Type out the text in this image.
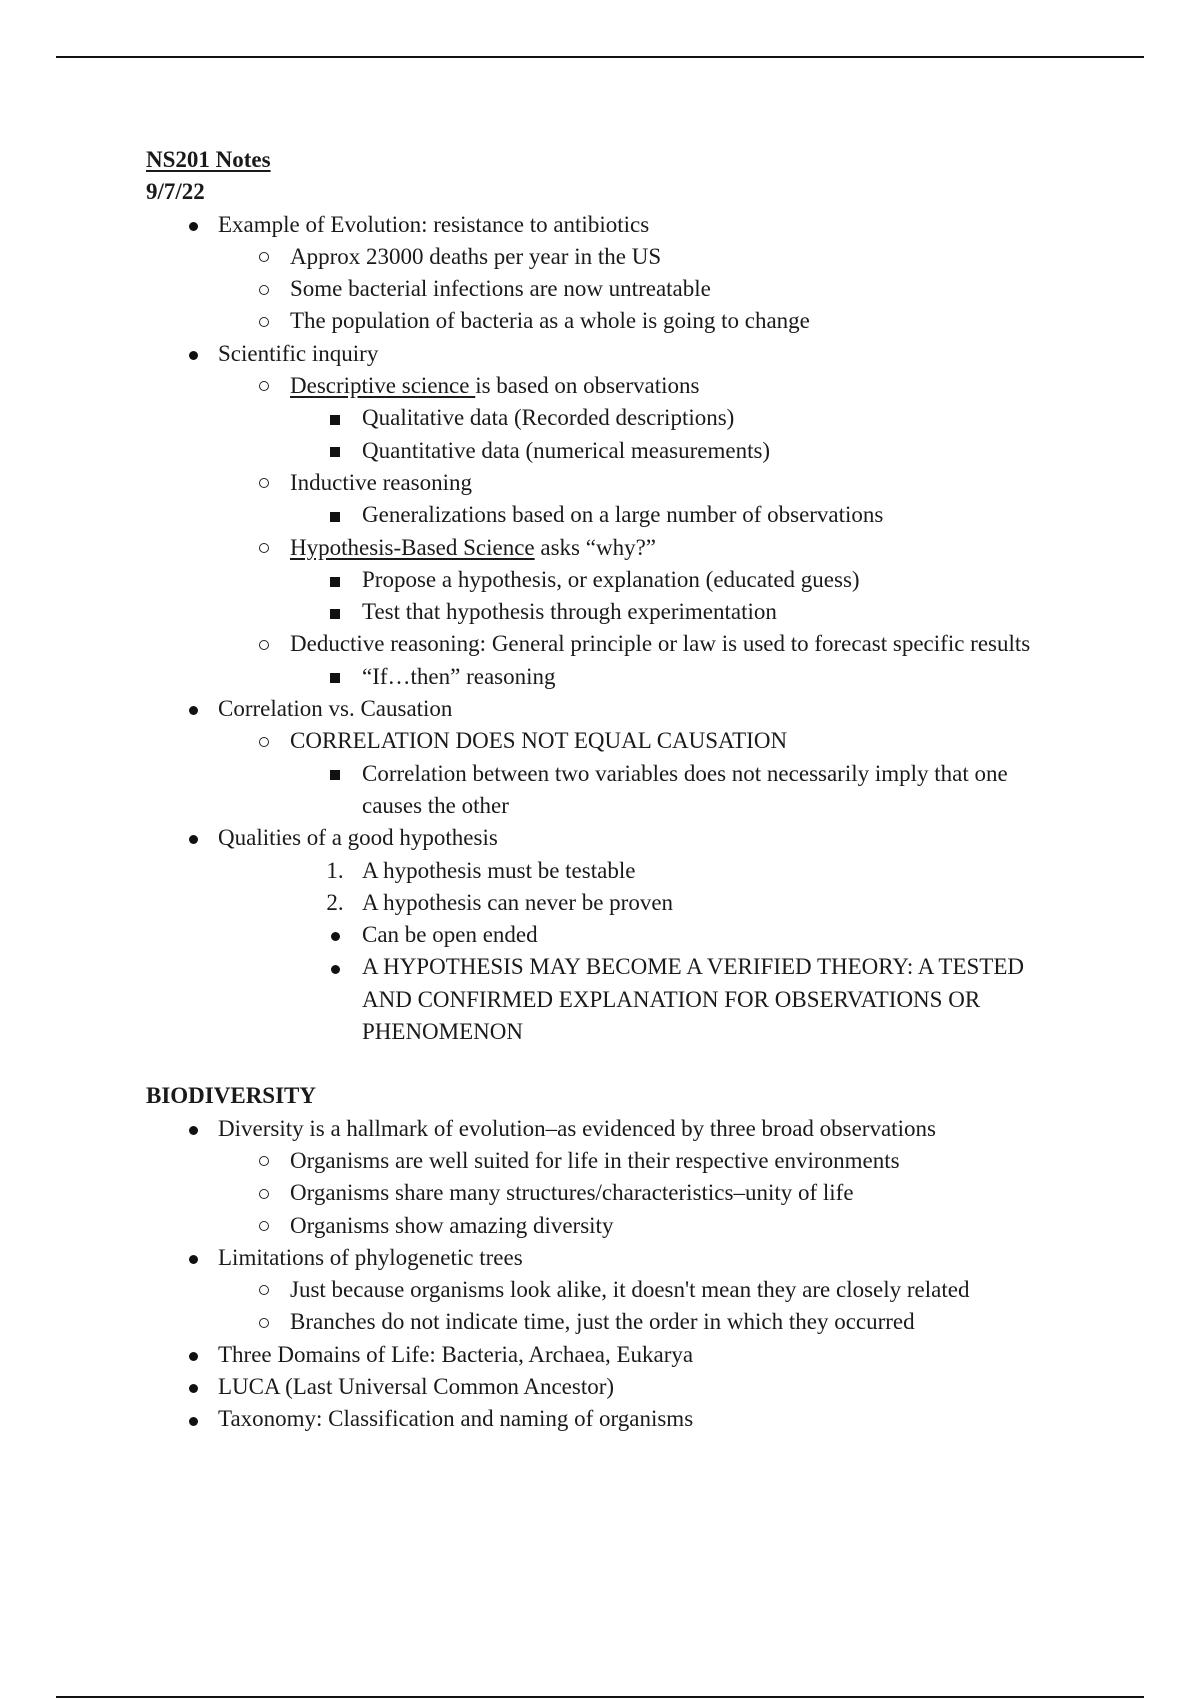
NS201 Notes
9/7/22
Example of Evolution: resistance to antibiotics
Approx 23000 deaths per year in the US
Some bacterial infections are now untreatable
The population of bacteria as a whole is going to change
Scientific inquiry
Descriptive science is based on observations
Qualitative data (Recorded descriptions)
Quantitative data (numerical measurements)
Inductive reasoning
Generalizations based on a large number of observations
Hypothesis-Based Science asks “why?”
Propose a hypothesis, or explanation (educated guess)
Test that hypothesis through experimentation
Deductive reasoning: General principle or law is used to forecast specific results
“If…then” reasoning
Correlation vs. Causation
CORRELATION DOES NOT EQUAL CAUSATION
Correlation between two variables does not necessarily imply that one
causes the other
Qualities of a good hypothesis
1. A hypothesis must be testable
2. A hypothesis can never be proven
Can be open ended
A HYPOTHESIS MAY BECOME A VERIFIED THEORY: A TESTED
AND CONFIRMED EXPLANATION FOR OBSERVATIONS OR
PHENOMENON
BIODIVERSITY
Diversity is a hallmark of evolution–as evidenced by three broad observations
Organisms are well suited for life in their respective environments
Organisms share many structures/characteristics–unity of life
Organisms show amazing diversity
Limitations of phylogenetic trees
Just because organisms look alike, it doesn't mean they are closely related
Branches do not indicate time, just the order in which they occurred
Three Domains of Life: Bacteria, Archaea, Eukarya
LUCA (Last Universal Common Ancestor)
Taxonomy: Classification and naming of organisms
